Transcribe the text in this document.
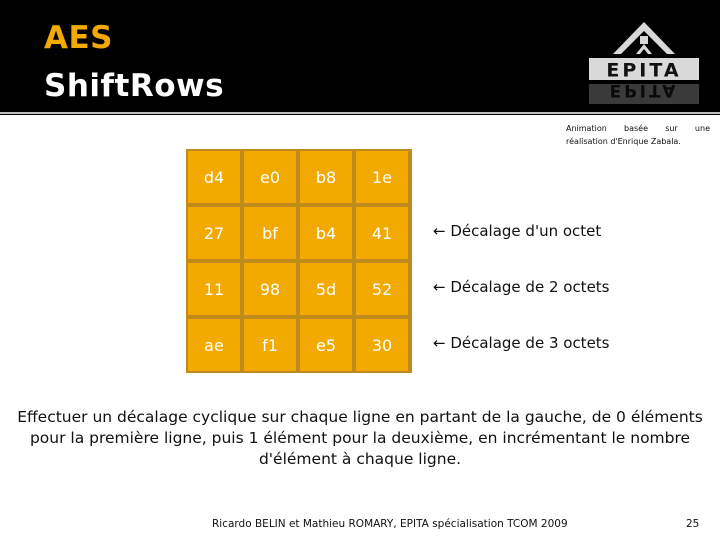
AES
Shift​Rows	EPITA
EPITA
Animation basée sur une
réalisation d'Enrique Zabala.
d4	e0	b8	1e
27	bf	b4	41
11	98	5d	52
ae	f1	e5	30
← Décalage d'un octet
← Décalage de 2 octets
← Décalage de 3 octets
Effectuer un décalage cyclique sur chaque ligne en partant de la gauche, de 0 éléments pour la première ligne, puis 1 élément pour la deuxième, en incrémentant le nombre d'élément à chaque ligne.
Ricardo BELIN et Mathieu ROMARY, EPITA spécialisation TCOM 2009	25
